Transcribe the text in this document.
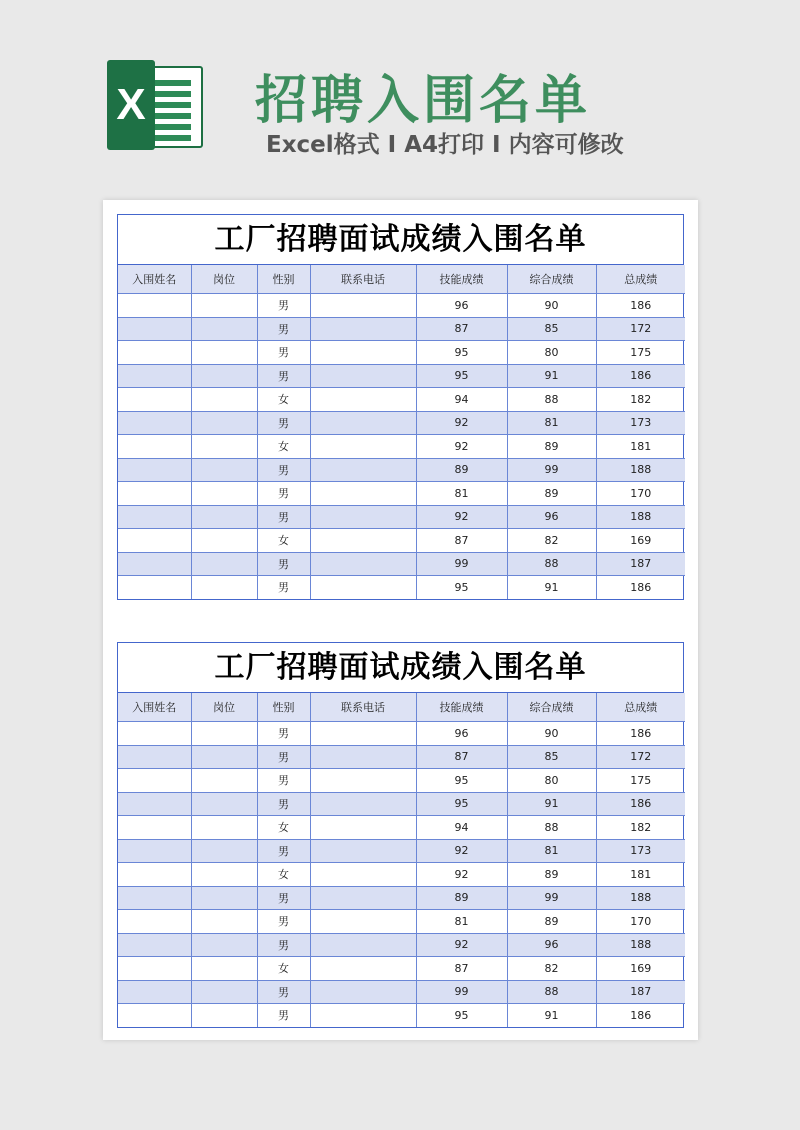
X 招聘入围名单
Excel格式 I A4打印 I 内容可修改
工厂招聘面试成绩入围名单
入围姓名	岗位	性别	联系电话	技能成绩	综合成绩	总成绩
		男		96	90	186
		男		87	85	172
		男		95	80	175
		男		95	91	186
		女		94	88	182
		男		92	81	173
		女		92	89	181
		男		89	99	188
		男		81	89	170
		男		92	96	188
		女		87	82	169
		男		99	88	187
		男		95	91	186
工厂招聘面试成绩入围名单
入围姓名	岗位	性别	联系电话	技能成绩	综合成绩	总成绩
		男		96	90	186
		男		87	85	172
		男		95	80	175
		男		95	91	186
		女		94	88	182
		男		92	81	173
		女		92	89	181
		男		89	99	188
		男		81	89	170
		男		92	96	188
		女		87	82	169
		男		99	88	187
		男		95	91	186
